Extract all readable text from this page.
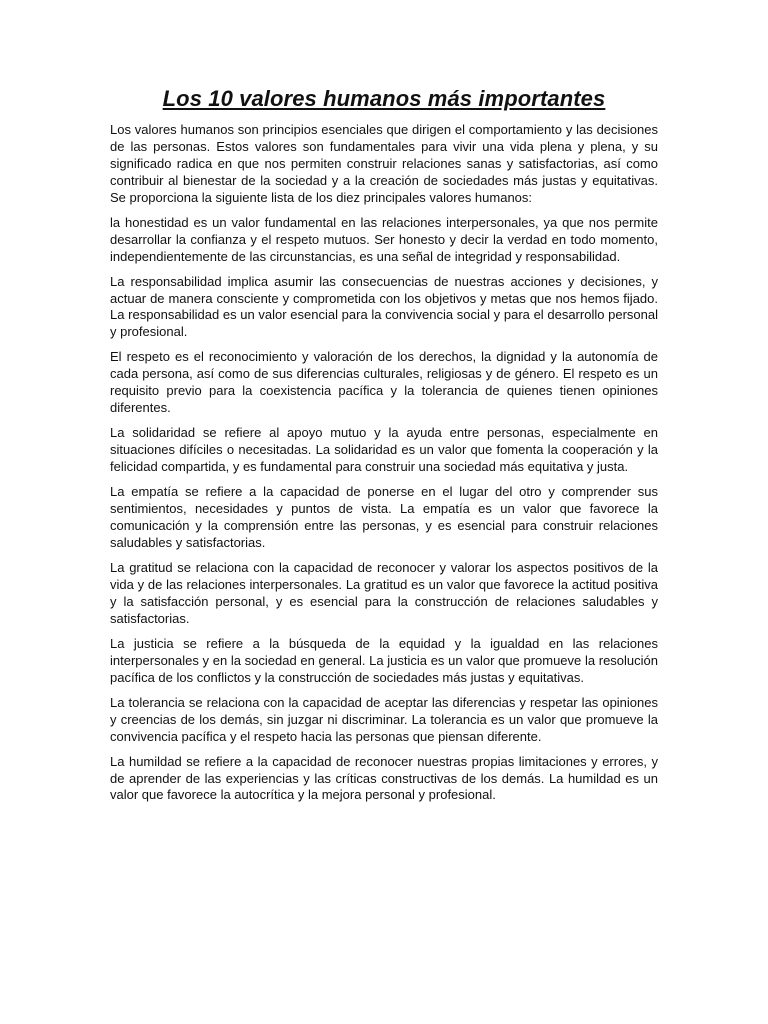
Los 10 valores humanos más importantes

Los valores humanos son principios esenciales que dirigen el comportamiento y las decisiones de las personas. Estos valores son fundamentales para vivir una vida plena y plena, y su significado radica en que nos permiten construir relaciones sanas y satisfactorias, así como contribuir al bienestar de la sociedad y a la creación de sociedades más justas y equitativas. Se proporciona la siguiente lista de los diez principales valores humanos:

la honestidad es un valor fundamental en las relaciones interpersonales, ya que nos permite desarrollar la confianza y el respeto mutuos. Ser honesto y decir la verdad en todo momento, independientemente de las circunstancias, es una señal de integridad y responsabilidad.

La responsabilidad implica asumir las consecuencias de nuestras acciones y decisiones, y actuar de manera consciente y comprometida con los objetivos y metas que nos hemos fijado. La responsabilidad es un valor esencial para la convivencia social y para el desarrollo personal y profesional.

El respeto es el reconocimiento y valoración de los derechos, la dignidad y la autonomía de cada persona, así como de sus diferencias culturales, religiosas y de género. El respeto es un requisito previo para la coexistencia pacífica y la tolerancia de quienes tienen opiniones diferentes.

La solidaridad se refiere al apoyo mutuo y la ayuda entre personas, especialmente en situaciones difíciles o necesitadas. La solidaridad es un valor que fomenta la cooperación y la felicidad compartida, y es fundamental para construir una sociedad más equitativa y justa.

La empatía se refiere a la capacidad de ponerse en el lugar del otro y comprender sus sentimientos, necesidades y puntos de vista. La empatía es un valor que favorece la comunicación y la comprensión entre las personas, y es esencial para construir relaciones saludables y satisfactorias.

La gratitud se relaciona con la capacidad de reconocer y valorar los aspectos positivos de la vida y de las relaciones interpersonales. La gratitud es un valor que favorece la actitud positiva y la satisfacción personal, y es esencial para la construcción de relaciones saludables y satisfactorias.

La justicia se refiere a la búsqueda de la equidad y la igualdad en las relaciones interpersonales y en la sociedad en general. La justicia es un valor que promueve la resolución pacífica de los conflictos y la construcción de sociedades más justas y equitativas.

La tolerancia se relaciona con la capacidad de aceptar las diferencias y respetar las opiniones y creencias de los demás, sin juzgar ni discriminar. La tolerancia es un valor que promueve la convivencia pacífica y el respeto hacia las personas que piensan diferente.

La humildad se refiere a la capacidad de reconocer nuestras propias limitaciones y errores, y de aprender de las experiencias y las críticas constructivas de los demás. La humildad es un valor que favorece la autocrítica y la mejora personal y profesional.
